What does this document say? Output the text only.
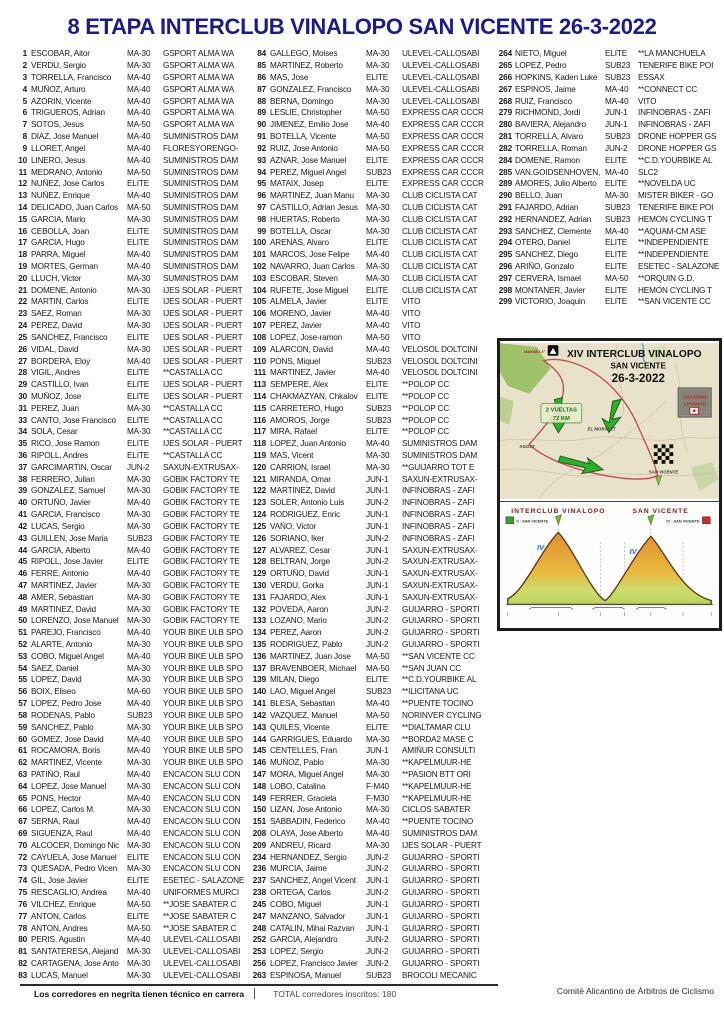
8 ETAPA INTERCLUB VINALOPO SAN VICENTE 26-3-2022
1 ESCOBAR, Aitor	MA-30	GSPORT ALMA WA
2 VERDU, Sergio	MA-30	GSPORT ALMA WA
3 TORRELLA, Francisco	MA-40	GSPORT ALMA WA
4 MUÑOZ, Arturo	MA-40	GSPORT ALMA WA
5 AZORIN, Vicente	MA-40	GSPORT ALMA WA
6 TRIGUEROS, Adrian	MA-40	GSPORT ALMA WA
7 SOTOS, Jesus	MA-50	GSPORT ALMA WA
8 DIAZ, Jose Manuel	MA-40	SUMINISTROS DAM
9 LLORET, Angel	MA-40	FLORESYORENGO-
10 LINERO, Jesus	MA-40	SUMINISTROS DAM
11 MEDRANO, Antonio	MA-50	SUMINISTROS DAM
12 NUÑEZ, Jose Carlos	ELITE	SUMINISTROS DAM
13 NUÑEZ, Enrique	MA-40	SUMINISTROS DAM
14 DELICADO, Juan Carlos	MA-50	SUMINISTROS DAM
15 GARCIA, Mario	MA-30	SUMINISTROS DAM
16 CEBOLLA, Joan	ELITE	SUMINISTROS DAM
17 GARCIA, Hugo	ELITE	SUMINISTROS DAM
18 PARRA, Miguel	MA-40	SUMINISTROS DAM
19 MORTES, German	MA-40	SUMINISTROS DAM
20 LLUCH, Victor	MA-30	SUMINISTROS DAM
21 DOMENE, Antonio	MA-30	IJES SOLAR - PUERT
22 MARTIN, Carlos	ELITE	IJES SOLAR - PUERT
23 SAEZ, Roman	MA-30	IJES SOLAR - PUERT
24 PEREZ, David	MA-30	IJES SOLAR - PUERT
25 SANCHEZ, Francisco	ELITE	IJES SOLAR - PUERT
26 VIDAL, David	MA-30	IJES SOLAR - PUERT
27 BORDERA, Eloy	MA-40	IJES SOLAR - PUERT
28 VIGIL, Andres	ELITE	**CASTALLA CC
29 CASTILLO, Ivan	ELITE	IJES SOLAR - PUERT
30 MUÑOZ, Jose	ELITE	IJES SOLAR - PUERT
31 PEREZ, Juan	MA-30	**CASTALLA CC
33 CANTO, Jose Francisco	ELITE	**CASTALLA CC
34 SOLA, Cesar	MA-30	**CASTALLA CC
35 RICO, Jose Ramon	ELITE	IJES SOLAR - PUERT
36 RIPOLL, Andres	ELITE	**CASTALLA CC
37 GARCIMARTIN, Oscar	JUN-2	SAXUN-EXTRUSAX-
38 FERRERO, Julian	MA-30	GOBIK FACTORY TE
39 GONZALEZ, Samuel	MA-30	GOBIK FACTORY TE
40 ORTUÑO, Javier	MA-40	GOBIK FACTORY TE
41 GARCIA, Francisco	MA-30	GOBIK FACTORY TE
42 LUCAS, Sergio	MA-30	GOBIK FACTORY TE
43 GUILLEN, Jose Maria	SUB23	GOBIK FACTORY TE
44 GARCIA, Alberto	MA-40	GOBIK FACTORY TE
45 RIPOLL, Jose Javier	ELITE	GOBIK FACTORY TE
46 FERRE, Antonio	MA-40	GOBIK FACTORY TE
47 MARTINEZ, Javier	MA-30	GOBIK FACTORY TE
48 AMER, Sebastian	MA-30	GOBIK FACTORY TE
49 MARTINEZ, David	MA-30	GOBIK FACTORY TE
50 LORENZO, Jose Manuel	MA-30	GOBIK FACTORY TE
51 PAREJO, Francisco	MA-40	YOUR BIKE ULB SPO
52 ALARTE, Antonio	MA-30	YOUR BIKE ULB SPO
53 COBO, Miguel Angel	MA-40	YOUR BIKE ULB SPO
54 SAEZ, Daniel	MA-30	YOUR BIKE ULB SPO
55 LOPEZ, David	MA-30	YOUR BIKE ULB SPO
56 BOIX, Eliseo	MA-60	YOUR BIKE ULB SPO
57 LOPEZ, Pedro Jose	MA-40	YOUR BIKE ULB SPO
58 RODENAS, Pablo	SUB23	YOUR BIKE ULB SPO
59 SANCHEZ, Pablo	MA-30	YOUR BIKE ULB SPO
60 GOMEZ, Jose David	MA-40	YOUR BIKE ULB SPO
61 ROCAMORA, Boris	MA-40	YOUR BIKE ULB SPO
62 MARTINEZ, Vicente	MA-30	YOUR BIKE ULB SPO
63 PATIÑO, Raul	MA-40	ENCACON SLU CON
64 LOPEZ, Jose Manuel	MA-30	ENCACON SLU CON
65 PONS, Hector	MA-40	ENCACON SLU CON
66 LOPEZ, Carlos M.	MA-30	ENCACON SLU CON
67 SERNA, Raul	MA-40	ENCACON SLU CON
69 SIGUENZA, Raul	MA-40	ENCACON SLU CON
70 ALCOCER, Domingo Nic MA-30	ENCACON SLU CON
72 CAYUELA, Jose Manuel	ELITE	ENCACON SLU CON
73 QUESADA, Pedro Vicen	MA-30	ENCACON SLU CON
74 GIL, Jose Javier	ELITE	ESETEC - SALAZONE
75 RESCAGLIO, Andrea	MA-40	UNIFORMES MURCI
76 VILCHEZ, Enrique	MA-50	**JOSE SABATER C
77 ANTON, Carlos	ELITE	**JOSE SABATER C
78 ANTON, Andres	MA-50	**JOSE SABATER C
80 PERIS, Agustin	MA-40	ULEVEL-CALLOSABI
81 SANTATERESA, Alejand	MA-30	ULEVEL-CALLOSABI
82 CARTAGENA, Jose Anto	MA-30	ULEVEL-CALLOSABI
83 LUCAS, Manuel	MA-30	ULEVEL-CALLOSABI
84 GALLEGO, Moises	MA-30	ULEVEL-CALLOSABI
85 MARTINEZ, Roberto	MA-30	ULEVEL-CALLOSABI
86 MAS, Jose	ELITE	ULEVEL-CALLOSABI
87 GONZALEZ, Francisco	MA-30	ULEVEL-CALLOSABI
88 BERNA, Domingo	MA-30	ULEVEL-CALLOSABI
89 LESLIE, Christopher	MA-50	EXPRESS CAR CCCR
90 JIMENEZ, Emilio Jose	MA-40	EXPRESS CAR CCCR
91 BOTELLA, Vicente	MA-50	EXPRESS CAR CCCR
92 RUIZ, Jose Antonio	MA-50	EXPRESS CAR CCCR
93 AZNAR, Jose Manuel	ELITE	EXPRESS CAR CCCR
94 PEREZ, Miguel Angel	SUB23	EXPRESS CAR CCCR
95 MATAIX, Josep	ELITE	EXPRESS CAR CCCR
96 MARTINEZ, Juan Manu	MA-30	CLUB CICLISTA CAT
97 CASTILLO, Adrian Jesus	MA-30	CLUB CICLISTA CAT
98 HUERTAS, Roberto	MA-30	CLUB CICLISTA CAT
99 BOTELLA, Oscar	MA-30	CLUB CICLISTA CAT
100 ARENAS, Alvaro	ELITE	CLUB CICLISTA CAT
101 MARCOS, Jose Felipe	MA-40	CLUB CICLISTA CAT
102 NAVARRO, Juan Carlos	MA-30	CLUB CICLISTA CAT
103 ESCOBAR, Steven	MA-30	CLUB CICLISTA CAT
104 RUFETE, Jose Miguel	ELITE	CLUB CICLISTA CAT
105 ALMELA, Javier	ELITE	VITO
106 MORENO, Javier	MA-40	VITO
107 PEREZ, Javier	MA-40	VITO
108 LOPEZ, Jose-ramon	MA-50	VITO
109 ALARCON, David	MA-40	VELOSOL DOLTCINI
110 PONS, Miquel	SUB23	VELOSOL DOLTCINI
111 MARTINEZ, Javier	MA-40	VELOSOL DOLTCINI
113 SEMPERE, Alex	ELITE	**POLOP CC
114 CHAKMAZYAN, Chkalov	ELITE	**POLOP CC
115 CARRETERO, Hugo	SUB23	**POLOP CC
116 AMOROS, Jorge	SUB23	**POLOP CC
117 MIRA, Rafael	ELITE	**POLOP CC
118 LOPEZ, Juan Antonio	MA-40	SUMINISTROS DAM
119 MAS, Vicent	MA-30	SUMINISTROS DAM
120 CARRION, Israel	MA-30	**GUIJARRO TOT E
121 MIRANDA, Omar	JUN-1	SAXUN-EXTRUSAX-
122 MARTINEZ, David	JUN-1	INFINOBRAS - ZAFI
123 SOLER, Antonio Luis	JUN-2	INFINOBRAS - ZAFI
124 RODRIGUEZ, Enric	JUN-1	INFINOBRAS - ZAFI
125 VAÑO, Victor	JUN-1	INFINOBRAS - ZAFI
126 SORIANO, Iker	JUN-2	INFINOBRAS - ZAFI
127 ALVAREZ, Cesar	JUN-1	SAXUN-EXTRUSAX-
128 BELTRAN, Jorge	JUN-2	SAXUN-EXTRUSAX-
129 ORTUÑO, David	JUN-1	SAXUN-EXTRUSAX-
130 VERDU, Gorka	JUN-1	SAXUN-EXTRUSAX-
131 FAJARDO, Alex	JUN-1	SAXUN-EXTRUSAX-
132 POVEDA, Aaron	JUN-2	GUIJARRO - SPORTI
133 LOZANO, Mario	JUN-2	GUIJARRO - SPORTI
134 PEREZ, Aaron	JUN-2	GUIJARRO - SPORTI
135 RODRIGUEZ, Pablo	JUN-2	GUIJARRO - SPORTI
136 MARTINEZ, Juan Jose	MA-50	**SAN VICENTE CC
137 BRAVENBOER, Michael	MA-50	**SAN JUAN CC
139 MILAN, Diego	ELITE	**C.D.YOURBIKE AL
140 LAO, Miguel Angel	SUB23	**ILICITANA UC
141 BLESA, Sebastian	MA-40	**PUENTE TOCINO
142 VAZQUEZ, Manuel	MA-50	NORINVER CYCLING
143 QUILES, Vicente	ELITE	**DIALTAMAR CLU
144 GARRIGUES, Eduardo	MA-30	**BORDA2 MASE C
145 CENTELLES, Fran	JUN-1	AMIÑUR CONSULTI
146 MUÑOZ, Pablo	MA-30	**KAPELMUUR-HE
147 MORA, Miguel Angel	MA-30	**PASION BTT ORI
148 LOBO, Catalina	F-M40	**KAPELMUUR-HE
149 FERRER, Graciela	F-M30	**KAPELMUUR-HE
150 LIZAN, Jose Antonio	MA-30	CICLOS SABATER
151 SABBADIN, Federico	MA-40	**PUENTE TOCINO
208 OLAYA, Jose Alberto	MA-40	SUMINISTROS DAM
209 ANDREU, Ricard	MA-30	IJES SOLAR - PUERT
234 HERNANDEZ, Sergio	JUN-2	GUIJARRO - SPORTI
236 MURCIA, Jaime	JUN-2	GUIJARRO - SPORTI
237 SANCHEZ, Angel Vicent	JUN-1	GUIJARRO - SPORTI
238 ORTEGA, Carlos	JUN-2	GUIJARRO - SPORTI
245 COBO, Miguel	JUN-1	GUIJARRO - SPORTI
247 MANZANO, Salvador	JUN-1	GUIJARRO - SPORTI
248 CATALIN, Mihai Razvan	JUN-1	GUIJARRO - SPORTI
252 GARCIA, Alejandro	JUN-2	GUIJARRO - SPORTI
253 LOPEZ, Sergio	JUN-2	GUIJARRO - SPORTI
256 LOPEZ, Francisco Javier	JUN-2	GUIJARRO - SPORTI
263 ESPINOSA, Manuel	SUB23	BROCOLI MECANIC
264 NIETO, Miguel	ELITE	**LA MANCHUELA
265 LOPEZ, Pedro	SUB23 TENERIFE BIKE POI
266 HOPKINS, Kaden Luke SUB23 ESSAX
267 ESPINOS, Jaime	MA-40	**CONNECT CC
268 RUIZ, Francisco	MA-40	VITO
279 RICHMOND, Jordi	JUN-1	INFINOBRAS - ZAFI
280 BAVIERA, Alejandro	JUN-1	INFINOBRAS - ZAFI
281 TORRELLA, Alvaro	SUB23 DRONE HOPPER GS
282 TORRELLA, Roman	JUN-2	DRONE HOPPER GS
284 DOMENE, Ramon	ELITE	**C.D.YOURBIKE AL
285 VAN.GOIDSENHOVEN, MA-40	SLC2
289 AMORES, Julio Alberto	ELITE	**NOVELDA UC
290 BELLO, Juan	MA-30	MISTER BIKER - GO
291 FAJARDO, Adrian	SUB23 TENERIFE BIKE POI
292 HERNANDEZ, Adrian	SUB23 HEMON CYCLING T
293 SANCHEZ, Clemente	MA-40	**AQUAM-CM ASE
294 OTERO, Daniel	ELITE	**INDEPENDIENTE
295 SANCHEZ, Diego	ELITE	**INDEPENDIENTE
296 ARIÑO, Gonzalo	ELITE	ESETEC - SALAZONE
297 CERVERA, Ismael	MA-50	**ORQUIN G.D.
298 MONTANER, Javier	ELITE	HEMON CYCLING T
299 VICTORIO, Joaquin	ELITE	**SAN VICENTE CC
MAXIMO 3ª XIV INTERCLUB VINALOPO
SAN VICENTE
26-3-2022
2 VUELTAS
72 KM
CICLISMO
LEVANTE
AGOST
EL MORALET
SAN VICENTE
INTERCLUB VINALOPO	SAN VICENTE
0 - SAN VICENTE	72 - SAN VICENTE
IV	IV
Los corredores en negrita tienen técnico en carrera	TOTAL corredores inscritos: 180	Comité Alicantino de Árbitros de Ciclismo
